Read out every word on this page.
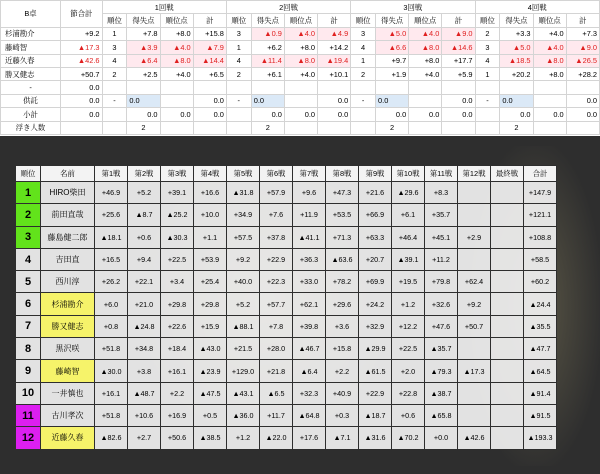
B卓	節合計	1回戦				2回戦				3回戦				4回戦			
		順位	得失点	順位点	計	順位	得失点	順位点	計	順位	得失点	順位点	計	順位	得失点	順位点	計
杉浦勘介	+9.2	1	+7.8	+8.0	+15.8	3	▲0.9	▲4.0	▲4.9	3	▲5.0	▲4.0	▲9.0	2	+3.3	+4.0	+7.3
藤崎智	▲17.3	3	▲3.9	▲4.0	▲7.9	1	+6.2	+8.0	+14.2	4	▲6.6	▲8.0	▲14.6	3	▲5.0	▲4.0	▲9.0
近藤久春	▲42.6	4	▲6.4	▲8.0	▲14.4	4	▲11.4	▲8.0	▲19.4	1	+9.7	+8.0	+17.7	4	▲18.5	▲8.0	▲26.5
勝又健志	+50.7	2	+2.5	+4.0	+6.5	2	+6.1	+4.0	+10.1	2	+1.9	+4.0	+5.9	1	+20.2	+8.0	+28.2
-	0.0																
供託	0.0	-	0.0		0.0	-	0.0		0.0	-	0.0		0.0	-	0.0		0.0
小計	0.0		0.0	0.0	0.0		0.0	0.0	0.0		0.0	0.0	0.0		0.0	0.0	0.0
浮き人数			2				2				2				2		
順位	名前	第1戦	第2戦	第3戦	第4戦	第5戦	第6戦	第7戦	第8戦	第9戦	第10戦	第11戦	第12戦	最終戦	合計
1	HIRO柴田	+46.9	+5.2	+39.1	+16.6	▲31.8	+57.9	+9.6	+47.3	+21.6	▲29.6	+8.3			+147.9
2	前田直哉	+25.6	▲8.7	▲25.2	+10.0	+34.9	+7.6	+11.9	+53.5	+66.9	+6.1	+35.7			+121.1
3	藤島健二郎	▲18.1	+0.6	▲30.3	+1.1	+57.5	+37.8	▲41.1	+71.3	+63.3	+46.4	+45.1	+2.9		+108.8
4	吉田直	+16.5	+9.4	+22.5	+53.9	+9.2	+22.9	+36.3	▲63.6	+20.7	▲39.1	+11.2			+58.5
5	西川淳	+26.2	+22.1	+3.4	+25.4	+40.0	+22.3	+33.0	+78.2	+69.9	+19.5	+79.8	+62.4		+60.2
6	杉浦勘介	+6.0	+21.0	+29.8	+29.8	+5.2	+57.7	+62.1	+29.6	+24.2	+1.2	+32.6	+9.2		▲24.4
7	勝又健志	+0.8	▲24.8	+22.6	+15.9	▲88.1	+7.8	+39.8	+3.6	+32.9	+12.2	+47.6	+50.7		▲35.5
8	黒沢咲	+51.8	+34.8	+18.4	▲43.0	+21.5	+28.0	▲46.7	+15.8	▲29.9	+22.5	▲35.7			▲47.7
9	藤崎智	▲30.0	+3.8	+16.1	▲23.9	+129.0	+21.8	▲6.4	+2.2	▲61.5	+2.0	▲79.3	▲17.3		▲64.5
10	一井慎也	+16.1	▲48.7	+2.2	▲47.5	▲43.1	▲6.5	+32.3	+40.9	+22.9	+22.8	▲38.7			▲91.4
11	古川孝次	+51.8	+10.6	+16.9	+0.5	▲36.0	+11.7	▲64.8	+0.3	▲18.7	+0.6	▲65.8			▲91.5
12	近藤久春	▲82.6	+2.7	+50.6	▲38.5	+1.2	▲22.0	+17.6	▲7.1	▲31.6	▲70.2	+0.0	▲42.6		▲193.3
